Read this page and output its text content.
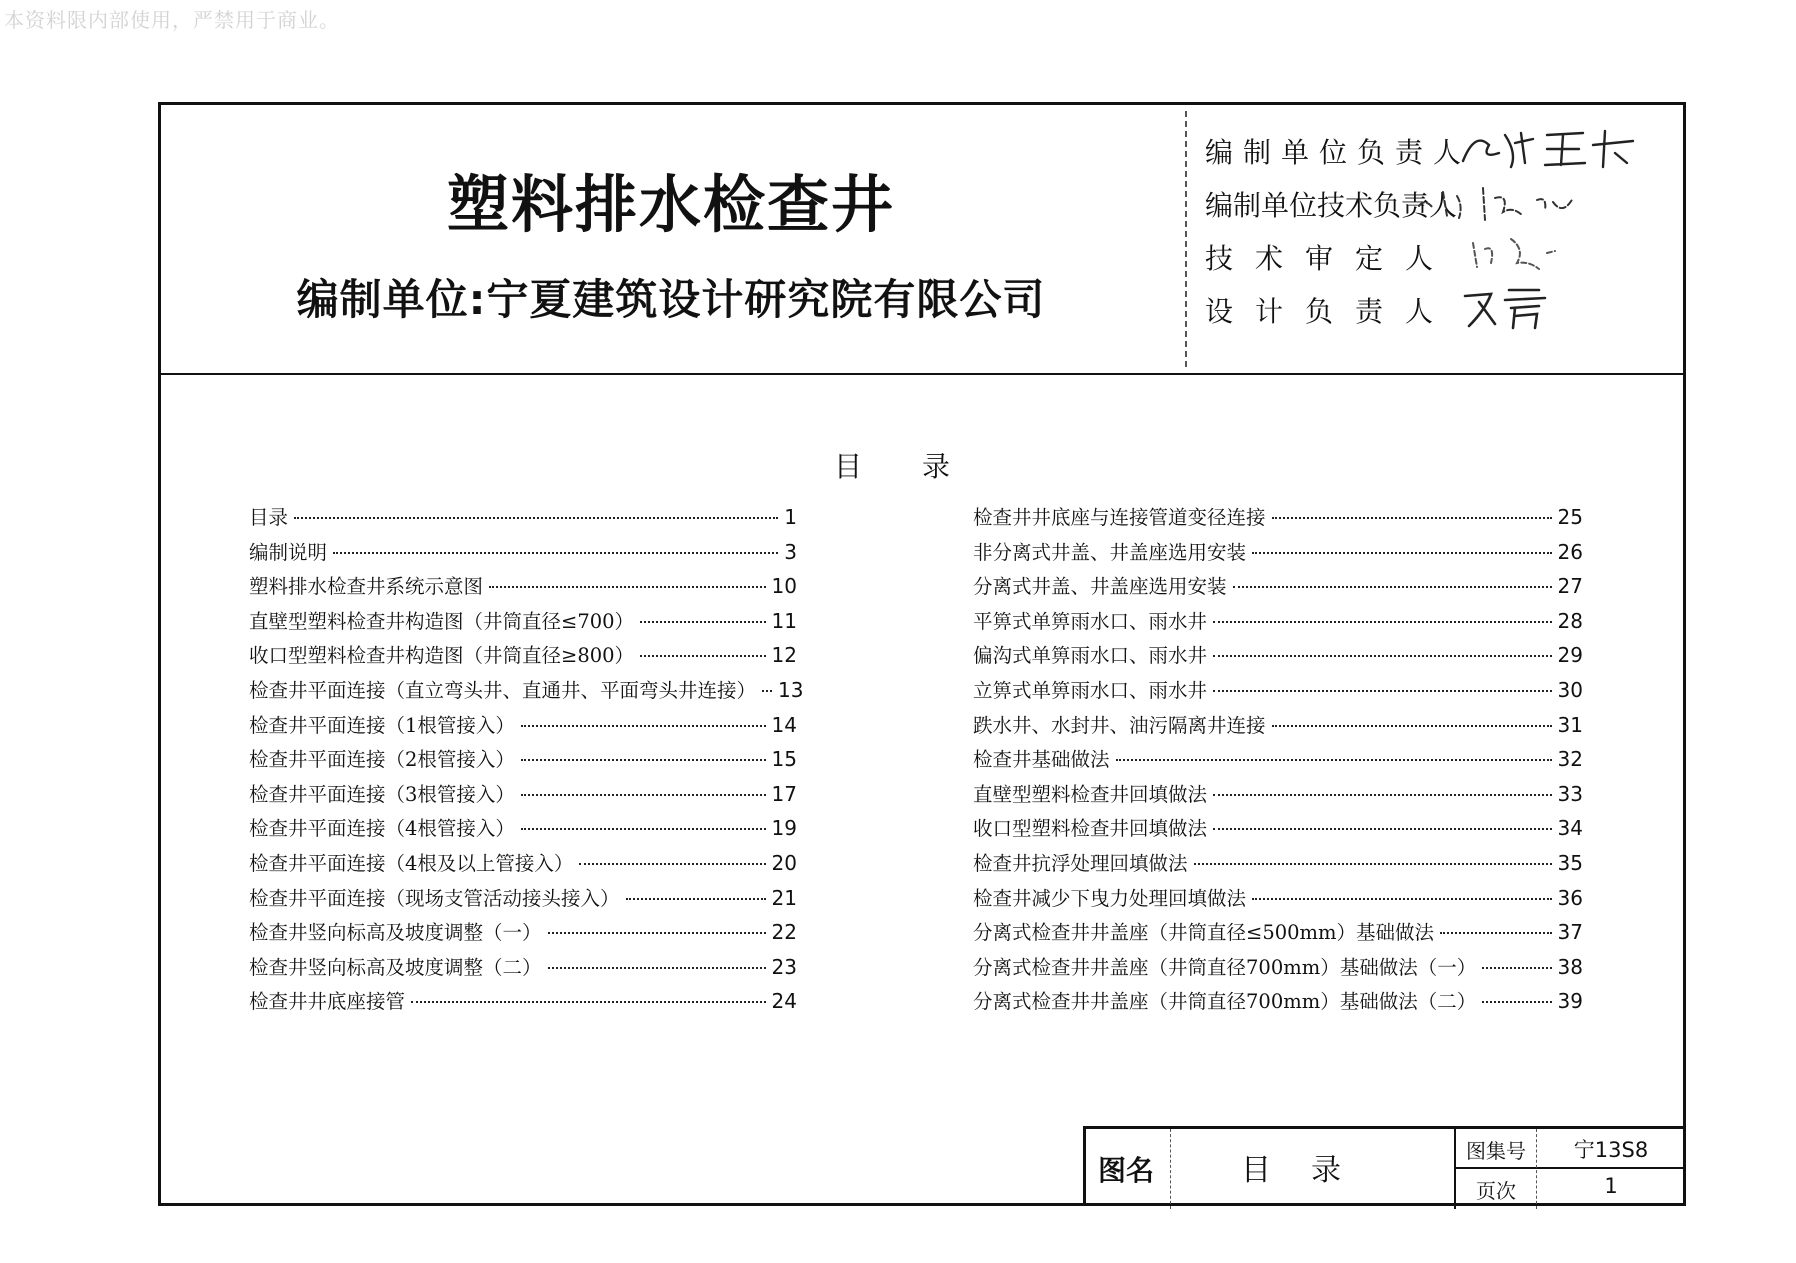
本资料限内部使用，严禁用于商业。
塑料排水检查井
编制单位:宁夏建筑设计研究院有限公司
编制单位负责人
编制单位技术负责人
技术审定人
设计负责人
目录
目录	1
编制说明	3
塑料排水检查井系统示意图	10
直壁型塑料检查井构造图（井筒直径≤700）	11
收口型塑料检查井构造图（井筒直径≥800）	12
检查井平面连接（直立弯头井、直通井、平面弯头井连接） 13
检查井平面连接（1根管接入）	14
检查井平面连接（2根管接入）	15
检查井平面连接（3根管接入）	17
检查井平面连接（4根管接入）	19
检查井平面连接（4根及以上管接入）	20
检查井平面连接（现场支管活动接头接入）	21
检查井竖向标高及坡度调整（一）	22
检查井竖向标高及坡度调整（二）	23
检查井井底座接管	24
检查井井底座与连接管道变径连接	25
非分离式井盖、井盖座选用安装	26
分离式井盖、井盖座选用安装	27
平箅式单箅雨水口、雨水井	28
偏沟式单箅雨水口、雨水井	29
立箅式单箅雨水口、雨水井	30
跌水井、水封井、油污隔离井连接	31
检查井基础做法	32
直壁型塑料检查井回填做法	33
收口型塑料检查井回填做法	34
检查井抗浮处理回填做法	35
检查井减少下曳力处理回填做法	36
分离式检查井井盖座（井筒直径≤500mm）基础做法	37
分离式检查井井盖座（井筒直径700mm）基础做法（一）	38
分离式检查井井盖座（井筒直径700mm）基础做法（二）	39
图名	目录
图集号	宁13S8
页次	1
